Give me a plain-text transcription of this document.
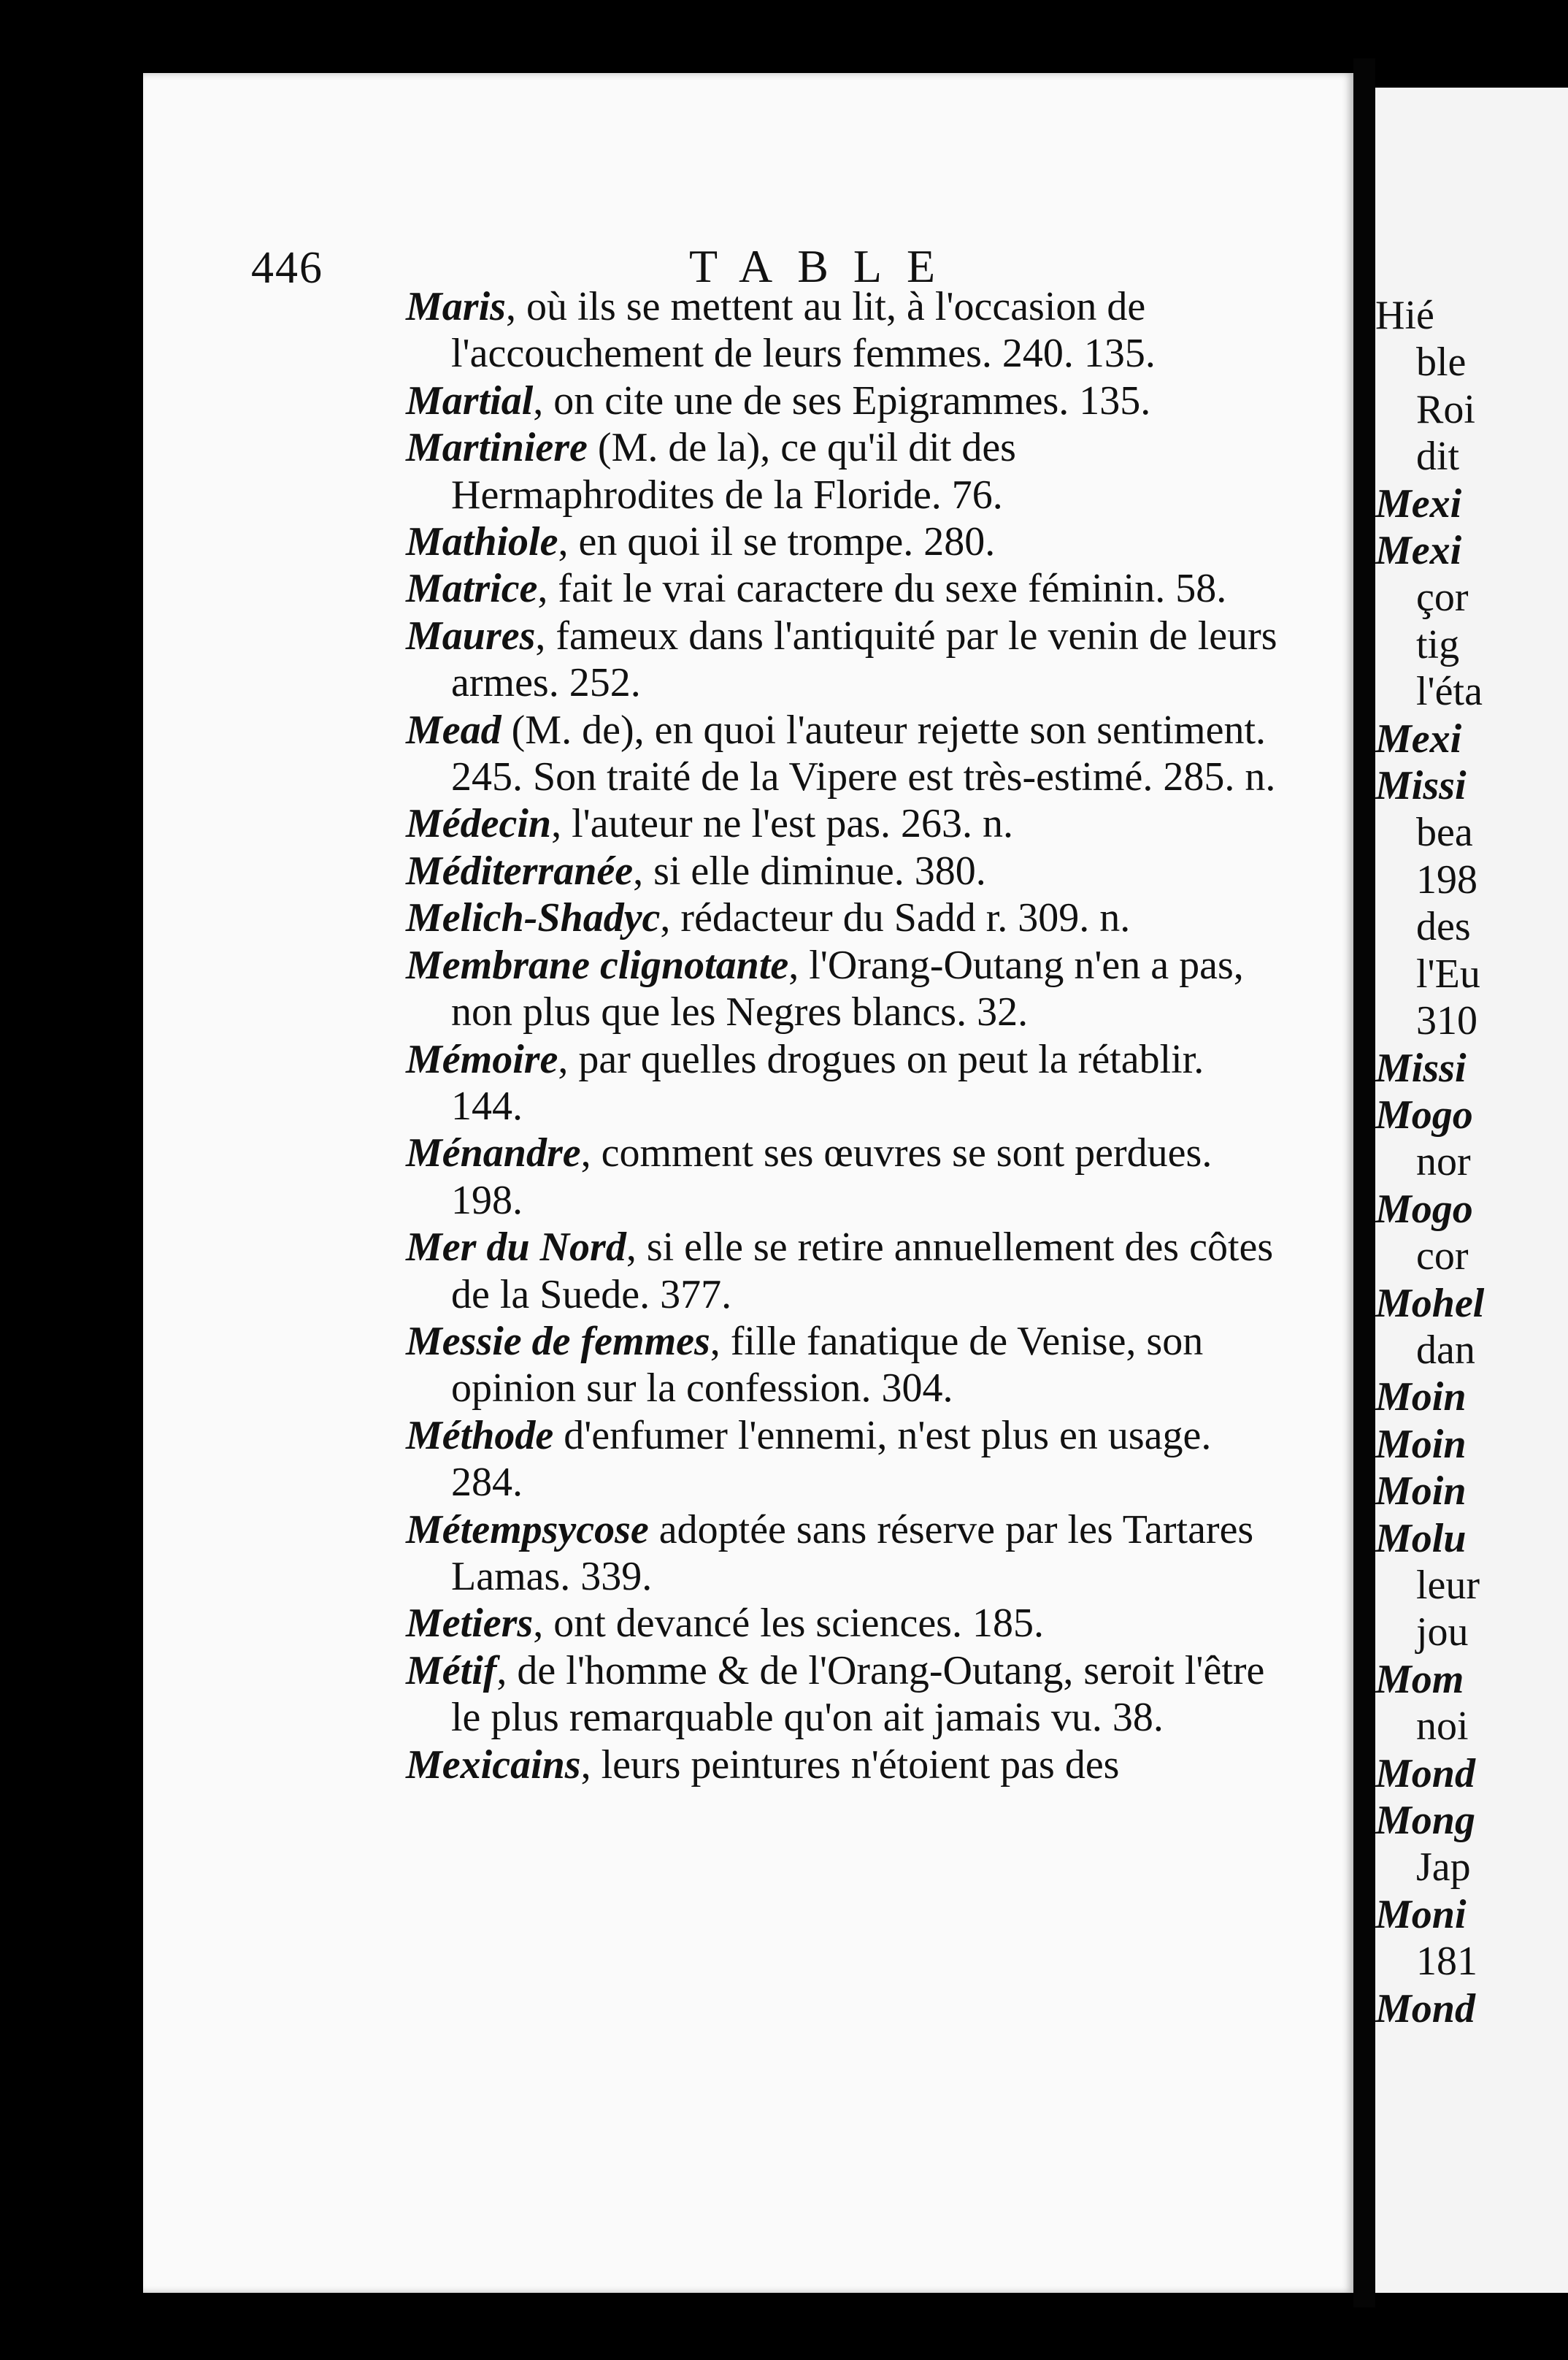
446	TABLE

Maris, où ils se mettent au lit, à l'occasion de l'accouchement de leurs femmes. 240. 135.

Martial, on cite une de ses Epigrammes. 135.

Martiniere (M. de la), ce qu'il dit des Hermaphrodites de la Floride. 76.

Mathiole, en quoi il se trompe. 280.

Matrice, fait le vrai caractere du sexe féminin. 58.

Maures, fameux dans l'antiquité par le venin de leurs armes. 252.

Mead (M. de), en quoi l'auteur rejette son sentiment. 245. Son traité de la Vipere est très-estimé. 285. n.

Médecin, l'auteur ne l'est pas. 263. n.

Méditerranée, si elle diminue. 380.

Melich-Shadyc, rédacteur du Sadd r. 309. n.

Membrane clignotante, l'Orang-Outang n'en a pas, non plus que les Negres blancs. 32.

Mémoire, par quelles drogues on peut la rétablir. 144.

Ménandre, comment ses œuvres se sont perdues. 198.

Mer du Nord, si elle se retire annuellement des côtes de la Suede. 377.

Messie de femmes, fille fanatique de Venise, son opinion sur la confession. 304.

Méthode d'enfumer l'ennemi, n'est plus en usage. 284.

Métempsycose adoptée sans réserve par les Tartares Lamas. 339.

Metiers, ont devancé les sciences. 185.

Métif, de l'homme & de l'Orang-Outang, seroit l'être le plus remarquable qu'on ait jamais vu. 38.

Mexicains, leurs peintures n'étoient pas des

Hié
ble
Roi
dit
Mexi
Mexi
çor
tig
l'éta
Mexi
Missi
bea
198
des
l'Eu
310
Missi
Mogo
nor
Mogo
cor
Mohel
dan
Moin
Moin
Moin
Molu
leur
jou
Mom
noi
Mond
Mong
Jap
Moni
181
Mond
